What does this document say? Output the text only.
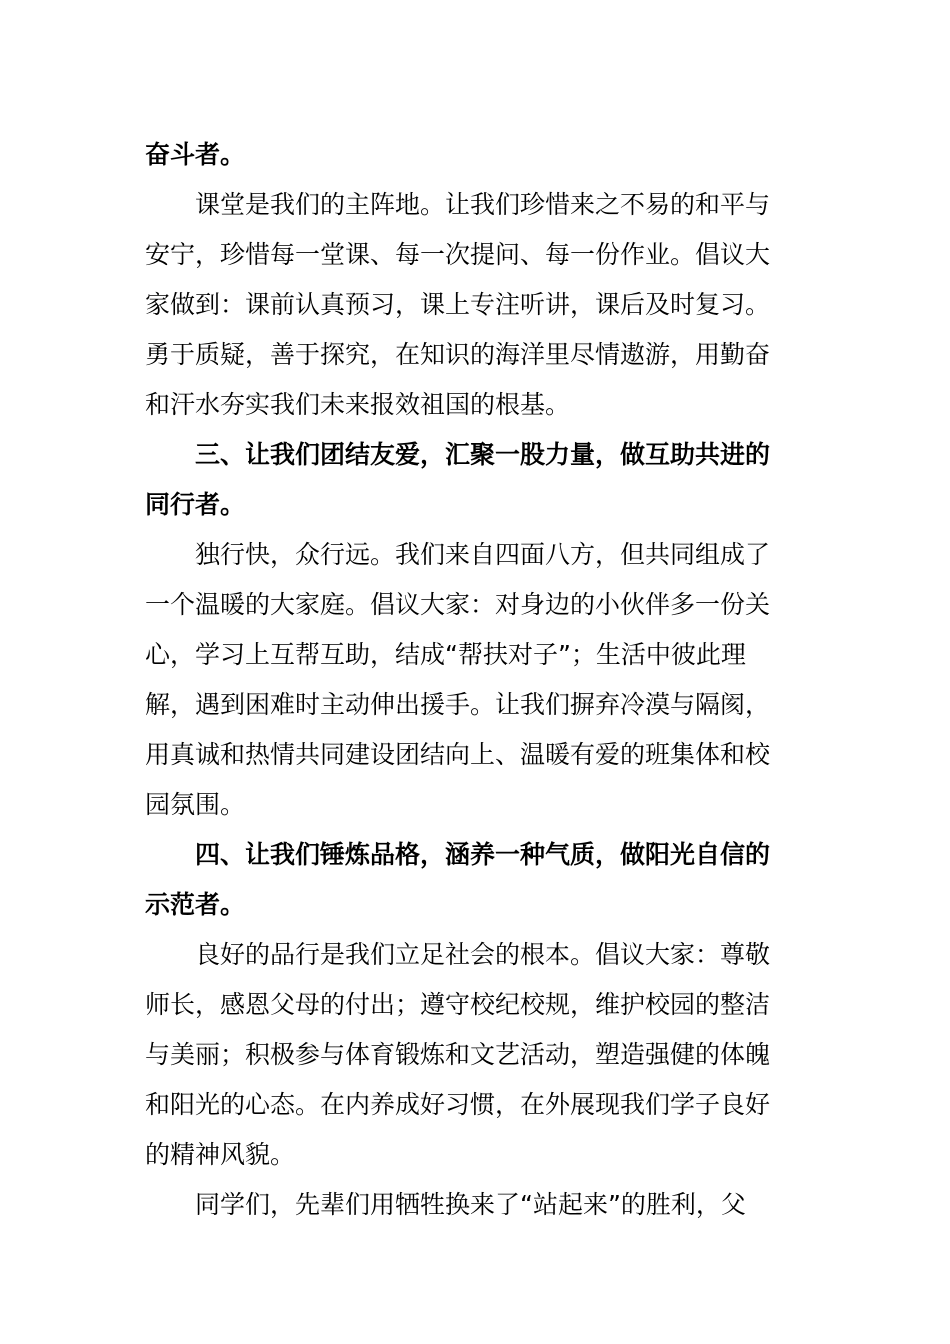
奋斗者。
课堂是我们的主阵地。让我们珍惜来之不易的和平与
安宁，珍惜每一堂课、每一次提问、每一份作业。倡议大
家做到：课前认真预习，课上专注听讲，课后及时复习。
勇于质疑，善于探究，在知识的海洋里尽情遨游，用勤奋
和汗水夯实我们未来报效祖国的根基。
三、让我们团结友爱，汇聚一股力量，做互助共进的
同行者。
独行快，众行远。我们来自四面八方，但共同组成了
一个温暖的大家庭。倡议大家：对身边的小伙伴多一份关
心，学习上互帮互助，结成“帮扶对子”；生活中彼此理
解，遇到困难时主动伸出援手。让我们摒弃冷漠与隔阂，
用真诚和热情共同建设团结向上、温暖有爱的班集体和校
园氛围。
四、让我们锤炼品格，涵养一种气质，做阳光自信的
示范者。
良好的品行是我们立足社会的根本。倡议大家：尊敬
师长，感恩父母的付出；遵守校纪校规，维护校园的整洁
与美丽；积极参与体育锻炼和文艺活动，塑造强健的体魄
和阳光的心态。在内养成好习惯，在外展现我们学子良好
的精神风貌。
同学们，先辈们用牺牲换来了“站起来”的胜利，父
